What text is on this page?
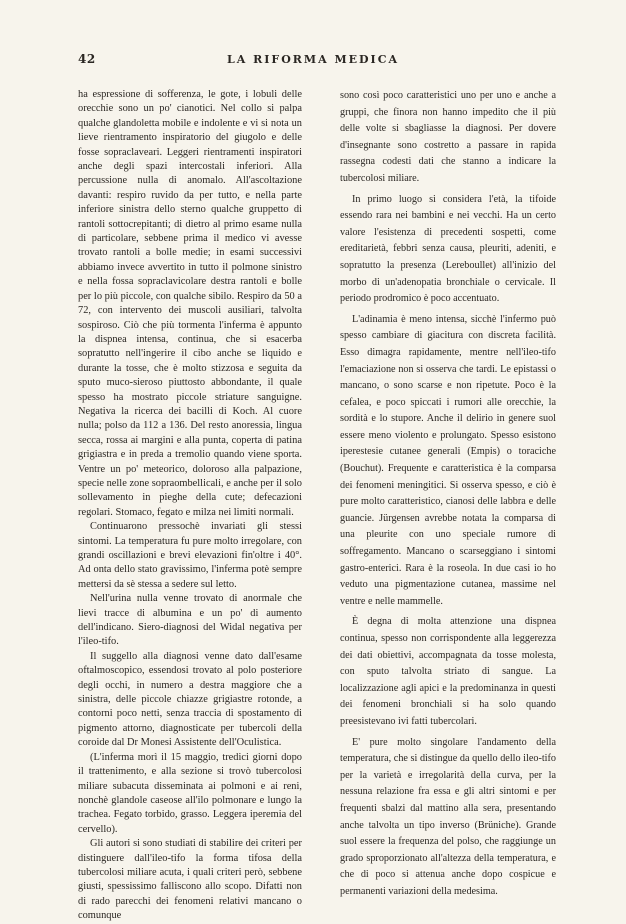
42	LA RIFORMA MEDICA

ha espressione di sofferenza, le gote, i lobuli delle orecchie sono un po' cianotici. Nel collo si palpa qualche glandoletta mobile e indolente e vi si nota un lieve rientramento inspiratorio del giugolo e delle fosse sopraclaveari. Leggeri rientramenti inspiratori anche degli spazi intercostali inferiori. Alla percussione nulla di anomalo. All'ascoltazione davanti: respiro ruvido da per tutto, e nella parte inferiore sinistra dello sterno qualche gruppetto di rantoli sottocrepitanti; di dietro al primo esame nulla di particolare, sebbene prima il medico vi avesse trovato rantoli a bolle medie; in esami successivi abbiamo invece avvertito in tutto il polmone sinistro e nella fossa sopraclavicolare destra rantoli e bolle per lo più piccole, con qualche sibilo. Respiro da 50 a 72, con intervento dei muscoli ausiliari, talvolta sospiroso. Ciò che più tormenta l'inferma è appunto la dispnea intensa, continua, che si esacerba sopratutto nell'ingerire il cibo anche se liquido e durante la tosse, che è molto stizzosa e seguita da sputo muco-sieroso piuttosto abbondante, il quale spesso ha mostrato piccole striature sanguigne. Negativa la ricerca dei bacilli di Koch. Al cuore nulla; polso da 112 a 136. Del resto anoressia, lingua secca, rossa ai margini e alla punta, coperta di patina grigiastra e in preda a tremolio quando viene sporta. Ventre un po' meteorico, doloroso alla palpazione, specie nelle zone sopraombellicali, e anche per il solo sollevamento in pieghe della cute; defecazioni regolari. Stomaco, fegato e milza nei limiti normali.

Continuarono pressochè invariati gli stessi sintomi. La temperatura fu pure molto irregolare, con grandi oscillazioni e brevi elevazioni fin'oltre i 40°. Ad onta dello stato gravissimo, l'inferma potè sempre mettersi da sè stessa a sedere sul letto.

Nell'urina nulla venne trovato di anormale che lievi tracce di albumina e un po' di aumento dell'indicano. Siero-diagnosi del Widal negativa per l'ileo-tifo.

Il suggello alla diagnosi venne dato dall'esame oftalmoscopico, essendosi trovato al polo posteriore degli occhi, in numero a destra maggiore che a sinistra, delle piccole chiazze grigiastre rotonde, a contorni poco netti, senza traccia di spostamento di pigmento attorno, diagnosticate per tubercoli della coroide dal Dr Monesi Assistente dell'Oculistica.

(L'inferma morì il 15 maggio, tredici giorni dopo il trattenimento, e alla sezione si trovò tubercolosi miliare subacuta disseminata ai polmoni e ai reni, nonchè glandole caseose all'ilo polmonare e lungo la trachea. Fegato torbido, grasso. Leggera iperemia del cervello).

Gli autori si sono studiati di stabilire dei criteri per distinguere dall'ileo-tifo la forma tifosa della tubercolosi miliare acuta, i quali criteri però, sebbene giusti, spessissimo falliscono allo scopo. Difatti non di rado parecchi dei fenomeni relativi mancano o comunque

sono così poco caratteristici uno per uno e anche a gruppi, che finora non hanno impedito che il più delle volte si sbagliasse la diagnosi. Per dovere d'insegnante sono costretto a passare in rapida rassegna codesti dati che stanno a indicare la tubercolosi miliare.

In primo luogo si considera l'età, la tifoide essendo rara nei bambini e nei vecchi. Ha un certo valore l'esistenza di precedenti sospetti, come ereditarietà, febbri senza causa, pleuriti, adeniti, e sopratutto la presenza (Lereboullet) all'inizio del morbo di un'adenopatia bronchiale o cervicale. Il periodo prodromico è poco accentuato.

L'adinamia è meno intensa, sicchè l'infermo può spesso cambiare di giacitura con discreta facilità. Esso dimagra rapidamente, mentre nell'ileo-tifo l'emaciazione non si osserva che tardi. Le epistassi o mancano, o sono scarse e non ripetute. Poco è la cefalea, e poco spiccati i rumori alle orecchie, la sordità e lo stupore. Anche il delirio in genere suol essere meno violento e prolungato. Spesso esistono iperestesie cutanee generali (Empis) o toraciche (Bouchut). Frequente e caratteristica è la comparsa dei fenomeni meningitici. Si osserva spesso, e ciò è pure molto caratteristico, cianosi delle labbra e delle guancie. Jürgensen avrebbe notata la comparsa di una pleurite con uno speciale rumore di soffregamento. Mancano o scarseggiano i sintomi gastro-enterici. Rara è la roseola. In due casi io ho veduto una pigmentazione cutanea, massime nel ventre e nelle mammelle.

È degna di molta attenzione una dispnea continua, spesso non corrispondente alla leggerezza dei dati obiettivi, accompagnata da tosse molesta, con sputo talvolta striato di sangue. La localizzazione agli apici e la predominanza in questi dei fenomeni bronchiali si ha solo quando preesistevano ivi fatti tubercolari.

E' pure molto singolare l'andamento della temperatura, che si distingue da quello dello ileo-tifo per la varietà e irregolarità della curva, per la nessuna relazione fra essa e gli altri sintomi e per frequenti sbalzi dal mattino alla sera, presentando anche talvolta un tipo inverso (Brüniche). Grande suol essere la frequenza del polso, che raggiunge un grado sproporzionato all'altezza della temperatura, e che di poco si attenua anche dopo cospicue e permanenti variazioni della medesima.
